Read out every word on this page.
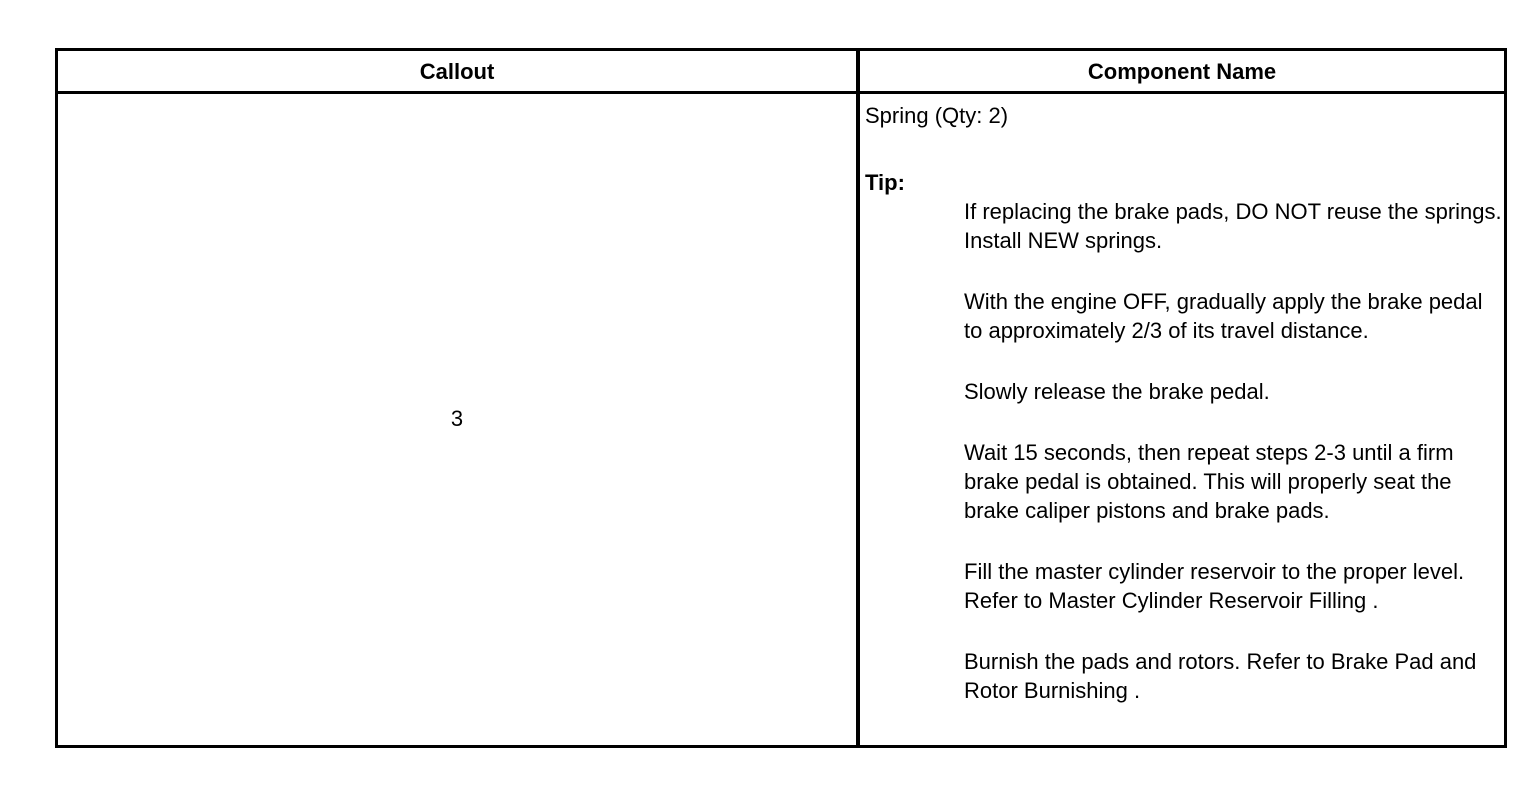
Callout	Component Name
3

Spring (Qty: 2)

Tip:

If replacing the brake pads, DO NOT reuse the springs. Install NEW springs.

With the engine OFF, gradually apply the brake pedal to approximately 2/3 of its travel distance.

Slowly release the brake pedal.

Wait 15 seconds, then repeat steps 2-3 until a firm brake pedal is obtained. This will properly seat the brake caliper pistons and brake pads.

Fill the master cylinder reservoir to the proper level. Refer to Master Cylinder Reservoir Filling .

Burnish the pads and rotors. Refer to Brake Pad and Rotor Burnishing .
